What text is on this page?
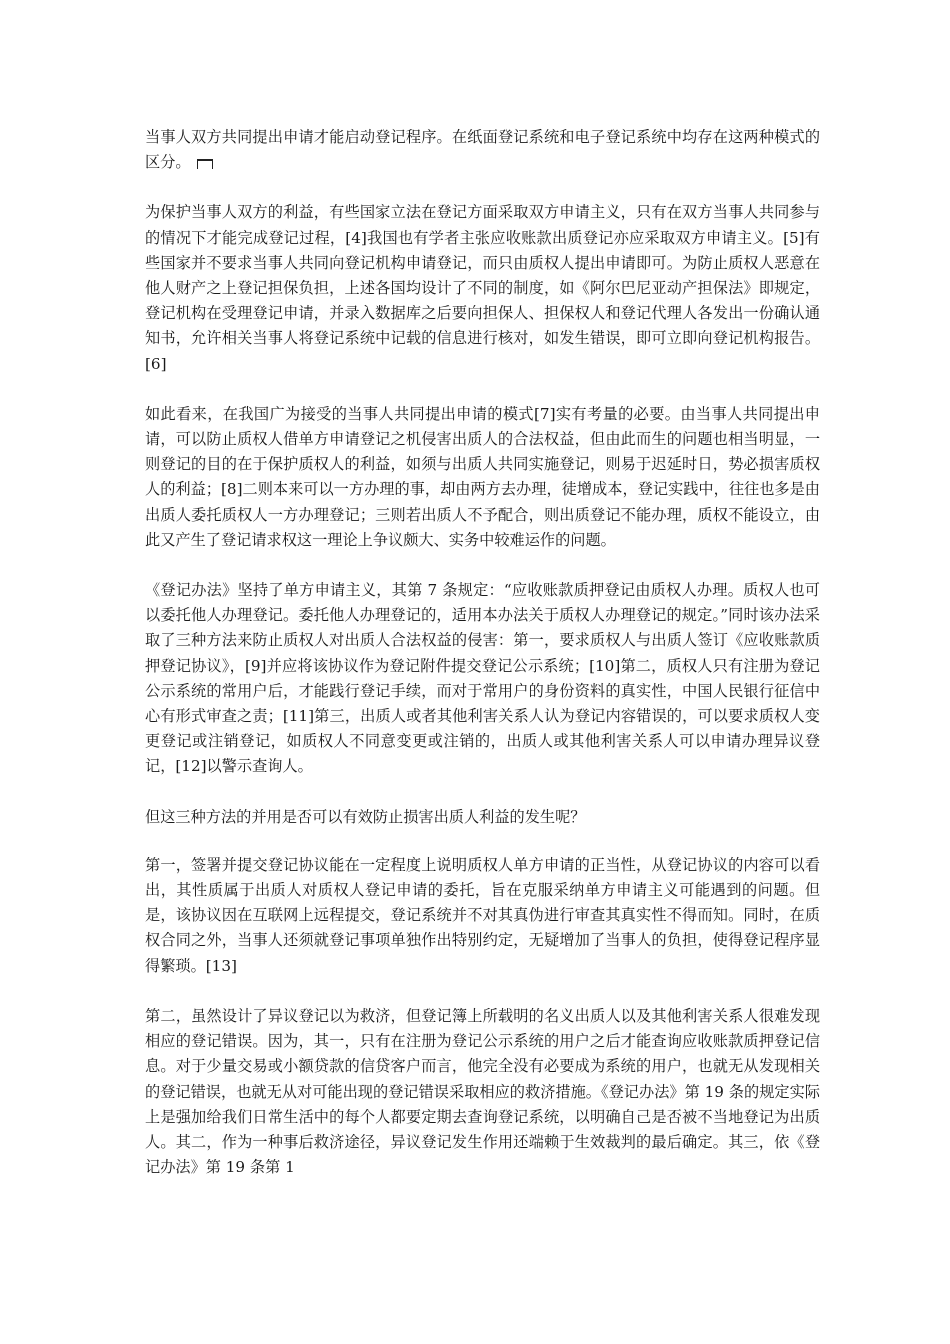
当事人双方共同提出申请才能启动登记程序。在纸面登记系统和电子登记系统中均存在这两种模式的区分。

为保护当事人双方的利益，有些国家立法在登记方面采取双方申请主义，只有在双方当事人共同参与的情况下才能完成登记过程，[4]我国也有学者主张应收账款出质登记亦应采取双方申请主义。[5]有些国家并不要求当事人共同向登记机构申请登记，而只由质权人提出申请即可。为防止质权人恶意在他人财产之上登记担保负担，上述各国均设计了不同的制度，如《阿尔巴尼亚动产担保法》即规定，登记机构在受理登记申请，并录入数据库之后要向担保人、担保权人和登记代理人各发出一份确认通知书，允许相关当事人将登记系统中记载的信息进行核对，如发生错误，即可立即向登记机构报告。[6]

如此看来，在我国广为接受的当事人共同提出申请的模式[7]实有考量的必要。由当事人共同提出申请，可以防止质权人借单方申请登记之机侵害出质人的合法权益，但由此而生的问题也相当明显，一则登记的目的在于保护质权人的利益，如须与出质人共同实施登记，则易于迟延时日，势必损害质权人的利益；[8]二则本来可以一方办理的事，却由两方去办理，徒增成本，登记实践中，往往也多是由出质人委托质权人一方办理登记；三则若出质人不予配合，则出质登记不能办理，质权不能设立，由此又产生了登记请求权这一理论上争议颇大、实务中较难运作的问题。

《登记办法》坚持了单方申请主义，其第 7 条规定：“应收账款质押登记由质权人办理。质权人也可以委托他人办理登记。委托他人办理登记的，适用本办法关于质权人办理登记的规定。”同时该办法采取了三种方法来防止质权人对出质人合法权益的侵害：第一，要求质权人与出质人签订《应收账款质押登记协议》，[9]并应将该协议作为登记附件提交登记公示系统；[10]第二，质权人只有注册为登记公示系统的常用户后，才能践行登记手续，而对于常用户的身份资料的真实性，中国人民银行征信中心有形式审查之责；[11]第三，出质人或者其他利害关系人认为登记内容错误的，可以要求质权人变更登记或注销登记，如质权人不同意变更或注销的，出质人或其他利害关系人可以申请办理异议登记，[12]以警示查询人。

但这三种方法的并用是否可以有效防止损害出质人利益的发生呢？

第一，签署并提交登记协议能在一定程度上说明质权人单方申请的正当性，从登记协议的内容可以看出，其性质属于出质人对质权人登记申请的委托，旨在克服采纳单方申请主义可能遇到的问题。但是，该协议因在互联网上远程提交，登记系统并不对其真伪进行审查其真实性不得而知。同时，在质权合同之外，当事人还须就登记事项单独作出特别约定，无疑增加了当事人的负担，使得登记程序显得繁琐。[13]

第二，虽然设计了异议登记以为救济，但登记簿上所载明的名义出质人以及其他利害关系人很难发现相应的登记错误。因为，其一，只有在注册为登记公示系统的用户之后才能查询应收账款质押登记信息。对于少量交易或小额贷款的信贷客户而言，他完全没有必要成为系统的用户，也就无从发现相关的登记错误，也就无从对可能出现的登记错误采取相应的救济措施。《登记办法》第 19 条的规定实际上是强加给我们日常生活中的每个人都要定期去查询登记系统，以明确自己是否被不当地登记为出质人。其二，作为一种事后救济途径，异议登记发生作用还端赖于生效裁判的最后确定。其三，依《登记办法》第 19 条第 1
